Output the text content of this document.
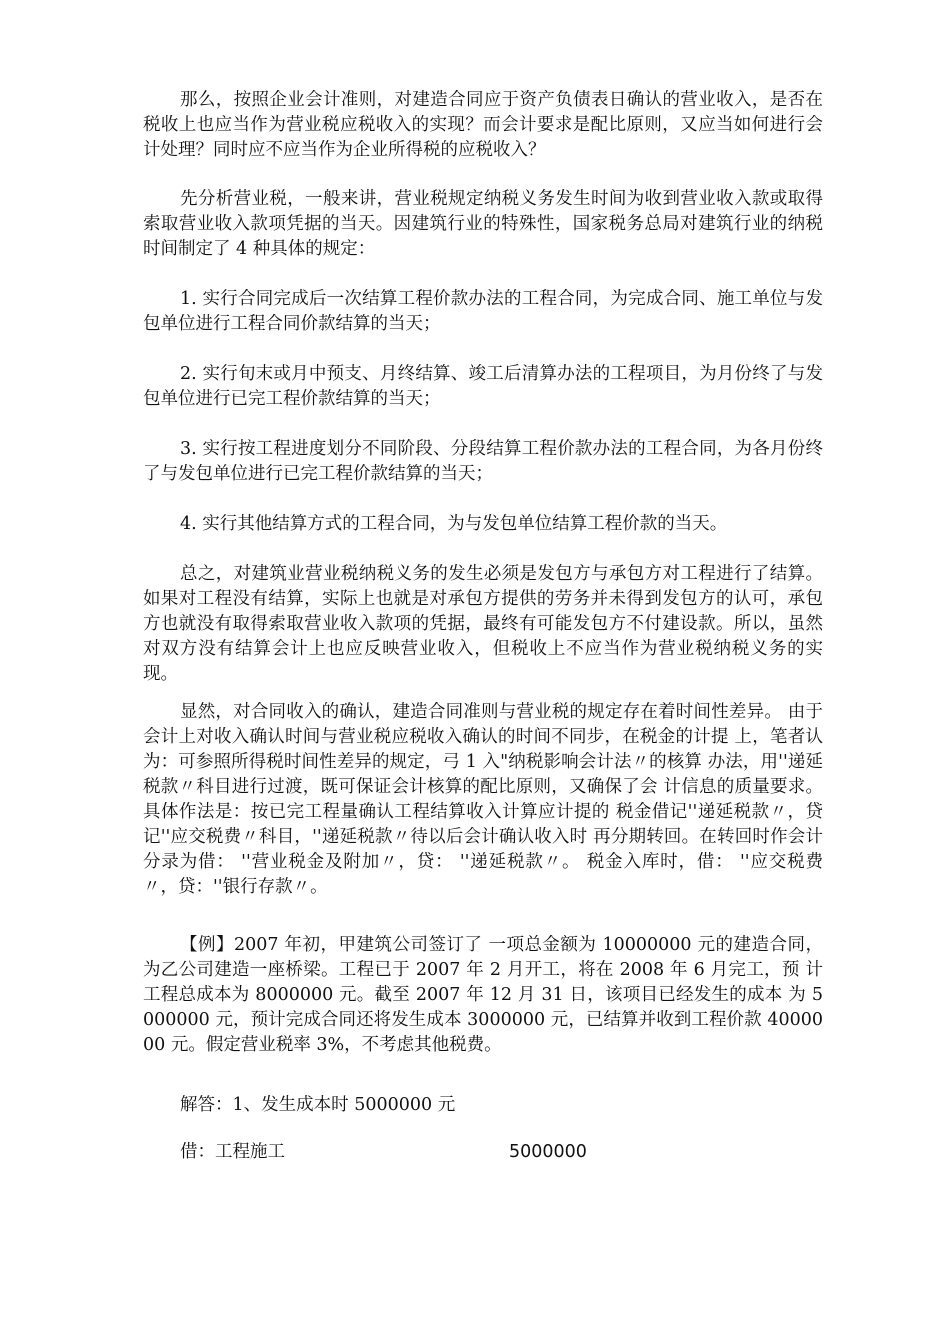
那么，按照企业会计准则，对建造合同应于资产负债表日确认的营业收入，是否在税收上也应当作为营业税应税收入的实现？而会计要求是配比原则，又应当如何进行会计处理？同时应不应当作为企业所得税的应税收入？

先分析营业税，一般来讲，营业税规定纳税义务发生时间为收到营业收入款或取得索取营业收入款项凭据的当天。因建筑行业的特殊性，国家税务总局对建筑行业的纳税时间制定了 4 种具体的规定：

1. 实行合同完成后一次结算工程价款办法的工程合同，为完成合同、施工单位与发包单位进行工程合同价款结算的当天；

2. 实行旬末或月中预支、月终结算、竣工后清算办法的工程项目，为月份终了与发包单位进行已完工程价款结算的当天；

3. 实行按工程进度划分不同阶段、分段结算工程价款办法的工程合同，为各月份终了与发包单位进行已完工程价款结算的当天；

4. 实行其他结算方式的工程合同，为与发包单位结算工程价款的当天。

总之，对建筑业营业税纳税义务的发生必须是发包方与承包方对工程进行了结算。如果对工程没有结算，实际上也就是对承包方提供的劳务并未得到发包方的认可，承包方也就没有取得索取营业收入款项的凭据，最终有可能发包方不付建设款。所以，虽然对双方没有结算会计上也应反映营业收入，但税收上不应当作为营业税纳税义务的实现。

显然，对合同收入的确认，建造合同准则与营业税的规定存在着时间性差异。 由于会计上对收入确认时间与营业税应税收入确认的时间不同步，在税金的计提 上，笔者认为：可参照所得税时间性差异的规定，弓 1 入"纳税影响会计法〃的核算 办法，用''递延税款〃科目进行过渡，既可保证会计核算的配比原则，又确保了会 计信息的质量要求。具体作法是：按已完工程量确认工程结算收入计算应计提的 税金借记''递延税款〃，贷记''应交税费〃科目，''递延税款〃待以后会计确认收入时 再分期转回。在转回时作会计分录为借： ''营业税金及附加〃，贷： ''递延税款〃。 税金入库时，借： ''应交税费〃，贷：''银行存款〃。

【例】2007 年初，甲建筑公司签订了 一项总金额为 10000000 元的建造合同，为乙公司建造一座桥梁。工程已于 2007 年 2 月开工，将在 2008 年 6 月完工，预 计工程总成本为 8000000 元。截至 2007 年 12 月 31 日，该项目已经发生的成本 为 5000000 元，预计完成合同还将发生成本 3000000 元，已结算并收到工程价款 4000000 元。假定营业税率 3%，不考虑其他税费。

解答：1、发生成本时 5000000 元

借：工程施工	5000000
